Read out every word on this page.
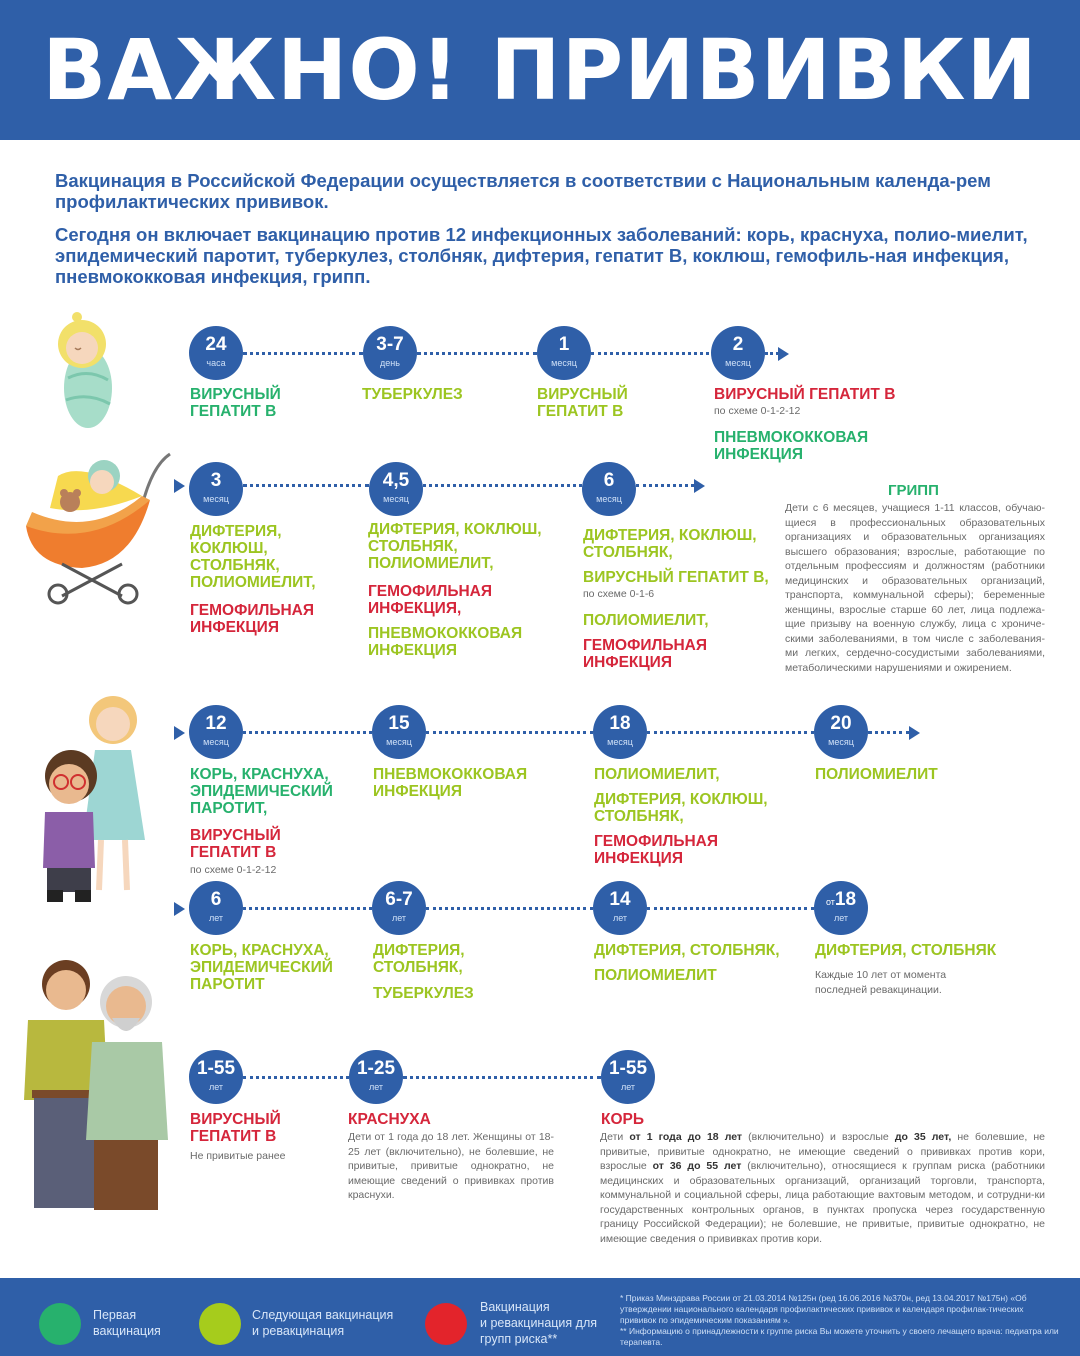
ВАЖНО! ПРИВИВКИ

Вакцинация в Российской Федерации осуществляется в соответствии с Национальным календа-рем профилактических прививок.

Сегодня он включает вакцинацию против 12 инфекционных заболеваний: корь, краснуха, полио-миелит, эпидемический паротит, туберкулез, столбняк, дифтерия, гепатит В, коклюш, гемофиль-ная инфекция, пневмококковая инфекция, грипп.

24
часа
3-7
день
1
месяц
2
месяц

ВИРУСНЫЙ
ГЕПАТИТ В

ТУБЕРКУЛЕЗ	ВИРУСНЫЙ
ГЕПАТИТ В

ВИРУСНЫЙ ГЕПАТИТ В

по схеме 0-1-2-12

ПНЕВМОКОККОВАЯ
ИНФЕКЦИЯ

3
месяц
4,5
месяц
6
месяц

ДИФТЕРИЯ,
КОКЛЮШ,
СТОЛБНЯК,
ПОЛИОМИЕЛИТ,

ГЕМОФИЛЬНАЯ
ИНФЕКЦИЯ

ДИФТЕРИЯ, КОКЛЮШ,
СТОЛБНЯК,
ПОЛИОМИЕЛИТ,

ГЕМОФИЛЬНАЯ
ИНФЕКЦИЯ,

ПНЕВМОКОККОВАЯ
ИНФЕКЦИЯ

ДИФТЕРИЯ, КОКЛЮШ,
СТОЛБНЯК,

ВИРУСНЫЙ ГЕПАТИТ В,

по схеме 0-1-6

ПОЛИОМИЕЛИТ,

ГЕМОФИЛЬНАЯ
ИНФЕКЦИЯ

ГРИПП

Дети с 6 месяцев, учащиеся 1-11 классов, обучаю-щиеся в профессиональных образовательных организациях и образовательных организациях высшего образования; взрослые, работающие по отдельным профессиям и должностям (работники медицинских и образовательных организаций, транспорта, коммунальной сферы); беременные женщины, взрослые старше 60 лет, лица подлежа-щие призыву на военную службу, лица с хрониче-скими заболеваниями, в том числе с заболевания-ми легких, сердечно-сосудистыми заболеваниями, метаболическими нарушениями и ожирением.

12
месяц
15
месяц
18
месяц
20
месяц

КОРЬ, КРАСНУХА,
ЭПИДЕМИЧЕСКИЙ
ПАРОТИТ,

ВИРУСНЫЙ
ГЕПАТИТ В

по схеме 0-1-2-12

ПНЕВМОКОККОВАЯ
ИНФЕКЦИЯ

ПОЛИОМИЕЛИТ,

ДИФТЕРИЯ, КОКЛЮШ,
СТОЛБНЯК,

ГЕМОФИЛЬНАЯ
ИНФЕКЦИЯ

ПОЛИОМИЕЛИТ

6
лет
6-7
лет
14
лет
от18
лет

КОРЬ, КРАСНУХА,
ЭПИДЕМИЧЕСКИЙ
ПАРОТИТ

ДИФТЕРИЯ,
СТОЛБНЯК,

ТУБЕРКУЛЕЗ

ДИФТЕРИЯ, СТОЛБНЯК,

ПОЛИОМИЕЛИТ

ДИФТЕРИЯ, СТОЛБНЯК

Каждые 10 лет от момента
последней ревакцинации.

1-55
лет
1-25
лет
1-55
лет

ВИРУСНЫЙ
ГЕПАТИТ В

Не привитые ранее

КРАСНУХА

Дети от 1 года до 18 лет. Женщины от 18-25 лет (включительно), не болевшие, не привитые, привитые однократно, не имеющие сведений о прививках против краснухи.

КОРЬ

Дети от 1 года до 18 лет (включительно) и взрослые до 35 лет, не болевшие, не привитые, привитые однократно, не имеющие сведений о прививках против кори, взрослые от 36 до 55 лет (включительно), относящиеся к группам риска (работники медицинских и образовательных организаций, организаций торговли, транспорта, коммунальной и социальной сферы, лица работающие вахтовым методом, и сотрудни-ки государственных контрольных органов, в пунктах пропуска через государственную границу Российской Федерации); не болевшие, не привитые, привитые однократно, не имеющие сведения о прививках против кори.

Первая
вакцинация

Следующая вакцинация
и ревакцинация

Вакцинация
и ревакцинация для
групп риска**

* Приказ Минздрава России от 21.03.2014 №125н (ред 16.06.2016 №370н, ред 13.04.2017 №175н) «Об утверждении национального календаря профилактических прививок и календаря профилак-тических прививок по эпидемическим показаниям ».
** Информацию о принадлежности к группе риска Вы можете уточнить у своего лечащего врача: педиатра или терапевта.
